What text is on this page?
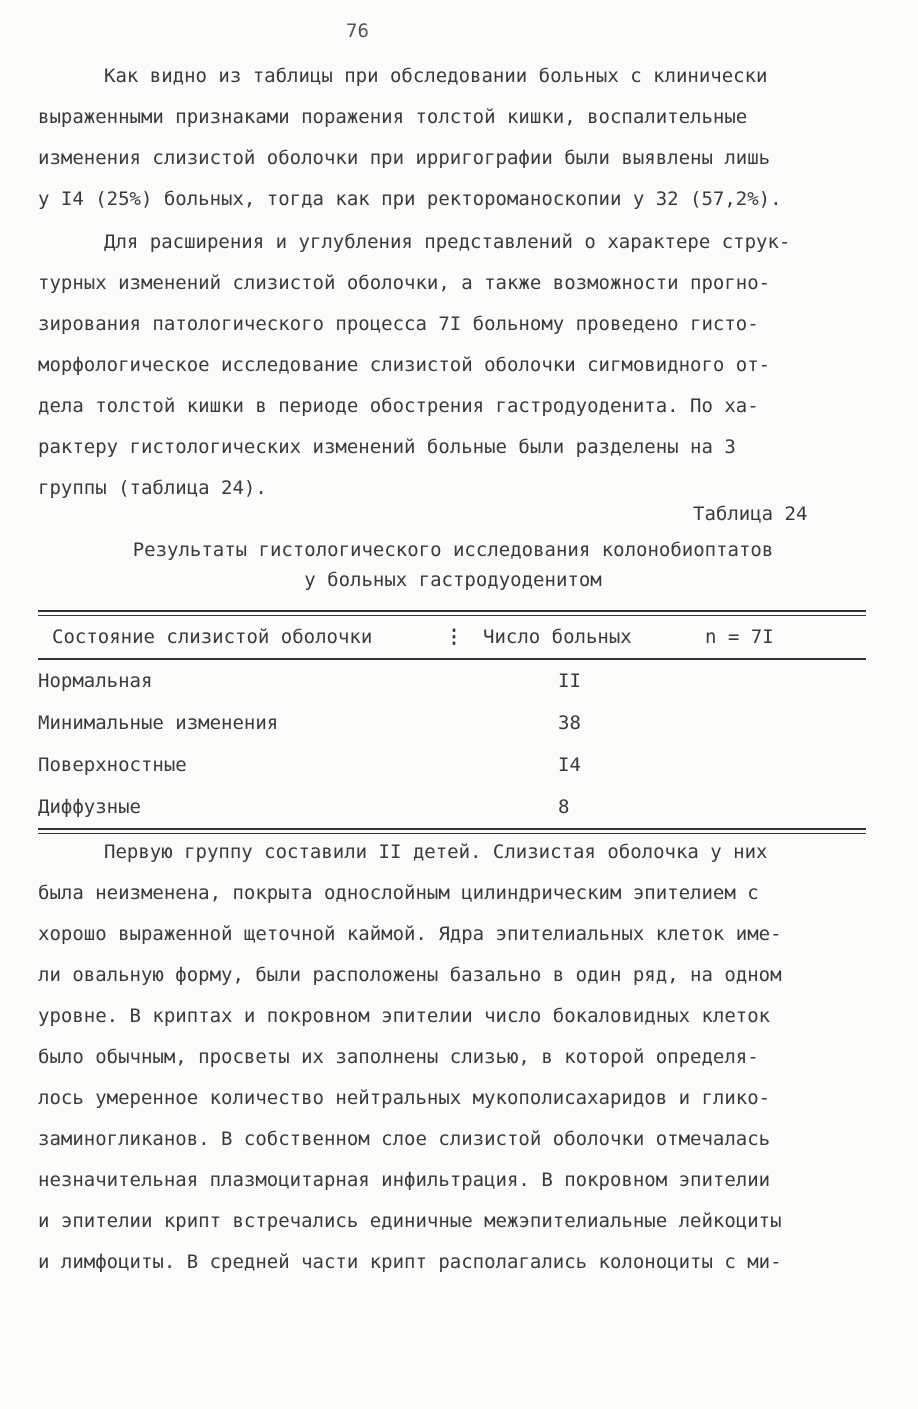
76
Как видно из таблицы при обследовании больных с клинически
выраженными признаками поражения толстой кишки, воспалительные
изменения слизистой оболочки при ирригографии были выявлены лишь
у I4 (25%) больных, тогда как при ректороманоскопии у 32 (57,2%).
Для расширения и углубления представлений о характере струк-
турных изменений слизистой оболочки, а также возможности прогно-
зирования патологического процесса 7I больному проведено гисто-
морфологическое исследование слизистой оболочки сигмовидного от-
дела толстой кишки в периоде обострения гастродуоденита. По ха-
рактеру гистологических изменений больные были разделены на 3
группы (таблица 24).
Таблица 24
Результаты гистологического исследования колонобиоптатов
у больных гастродуоденитом
Состояние слизистой оболочки	⋮	Число больных	n = 7I
Нормальная	II
Минимальные изменения	38
Поверхностные	I4
Диффузные	8
Первую группу составили II детей. Слизистая оболочка у них
была неизменена, покрыта однослойным цилиндрическим эпителием с
хорошо выраженной щеточной каймой. Ядра эпителиальных клеток име-
ли овальную форму, были расположены базально в один ряд, на одном
уровне. В криптах и покровном эпителии число бокаловидных клеток
было обычным, просветы их заполнены слизью, в которой определя-
лось умеренное количество нейтральных мукополисахаридов и глико-
заминогликанов. В собственном слое слизистой оболочки отмечалась
незначительная плазмоцитарная инфильтрация. В покровном эпителии
и эпителии крипт встречались единичные межэпителиальные лейкоциты
и лимфоциты. В средней части крипт располагались колоноциты с ми-
